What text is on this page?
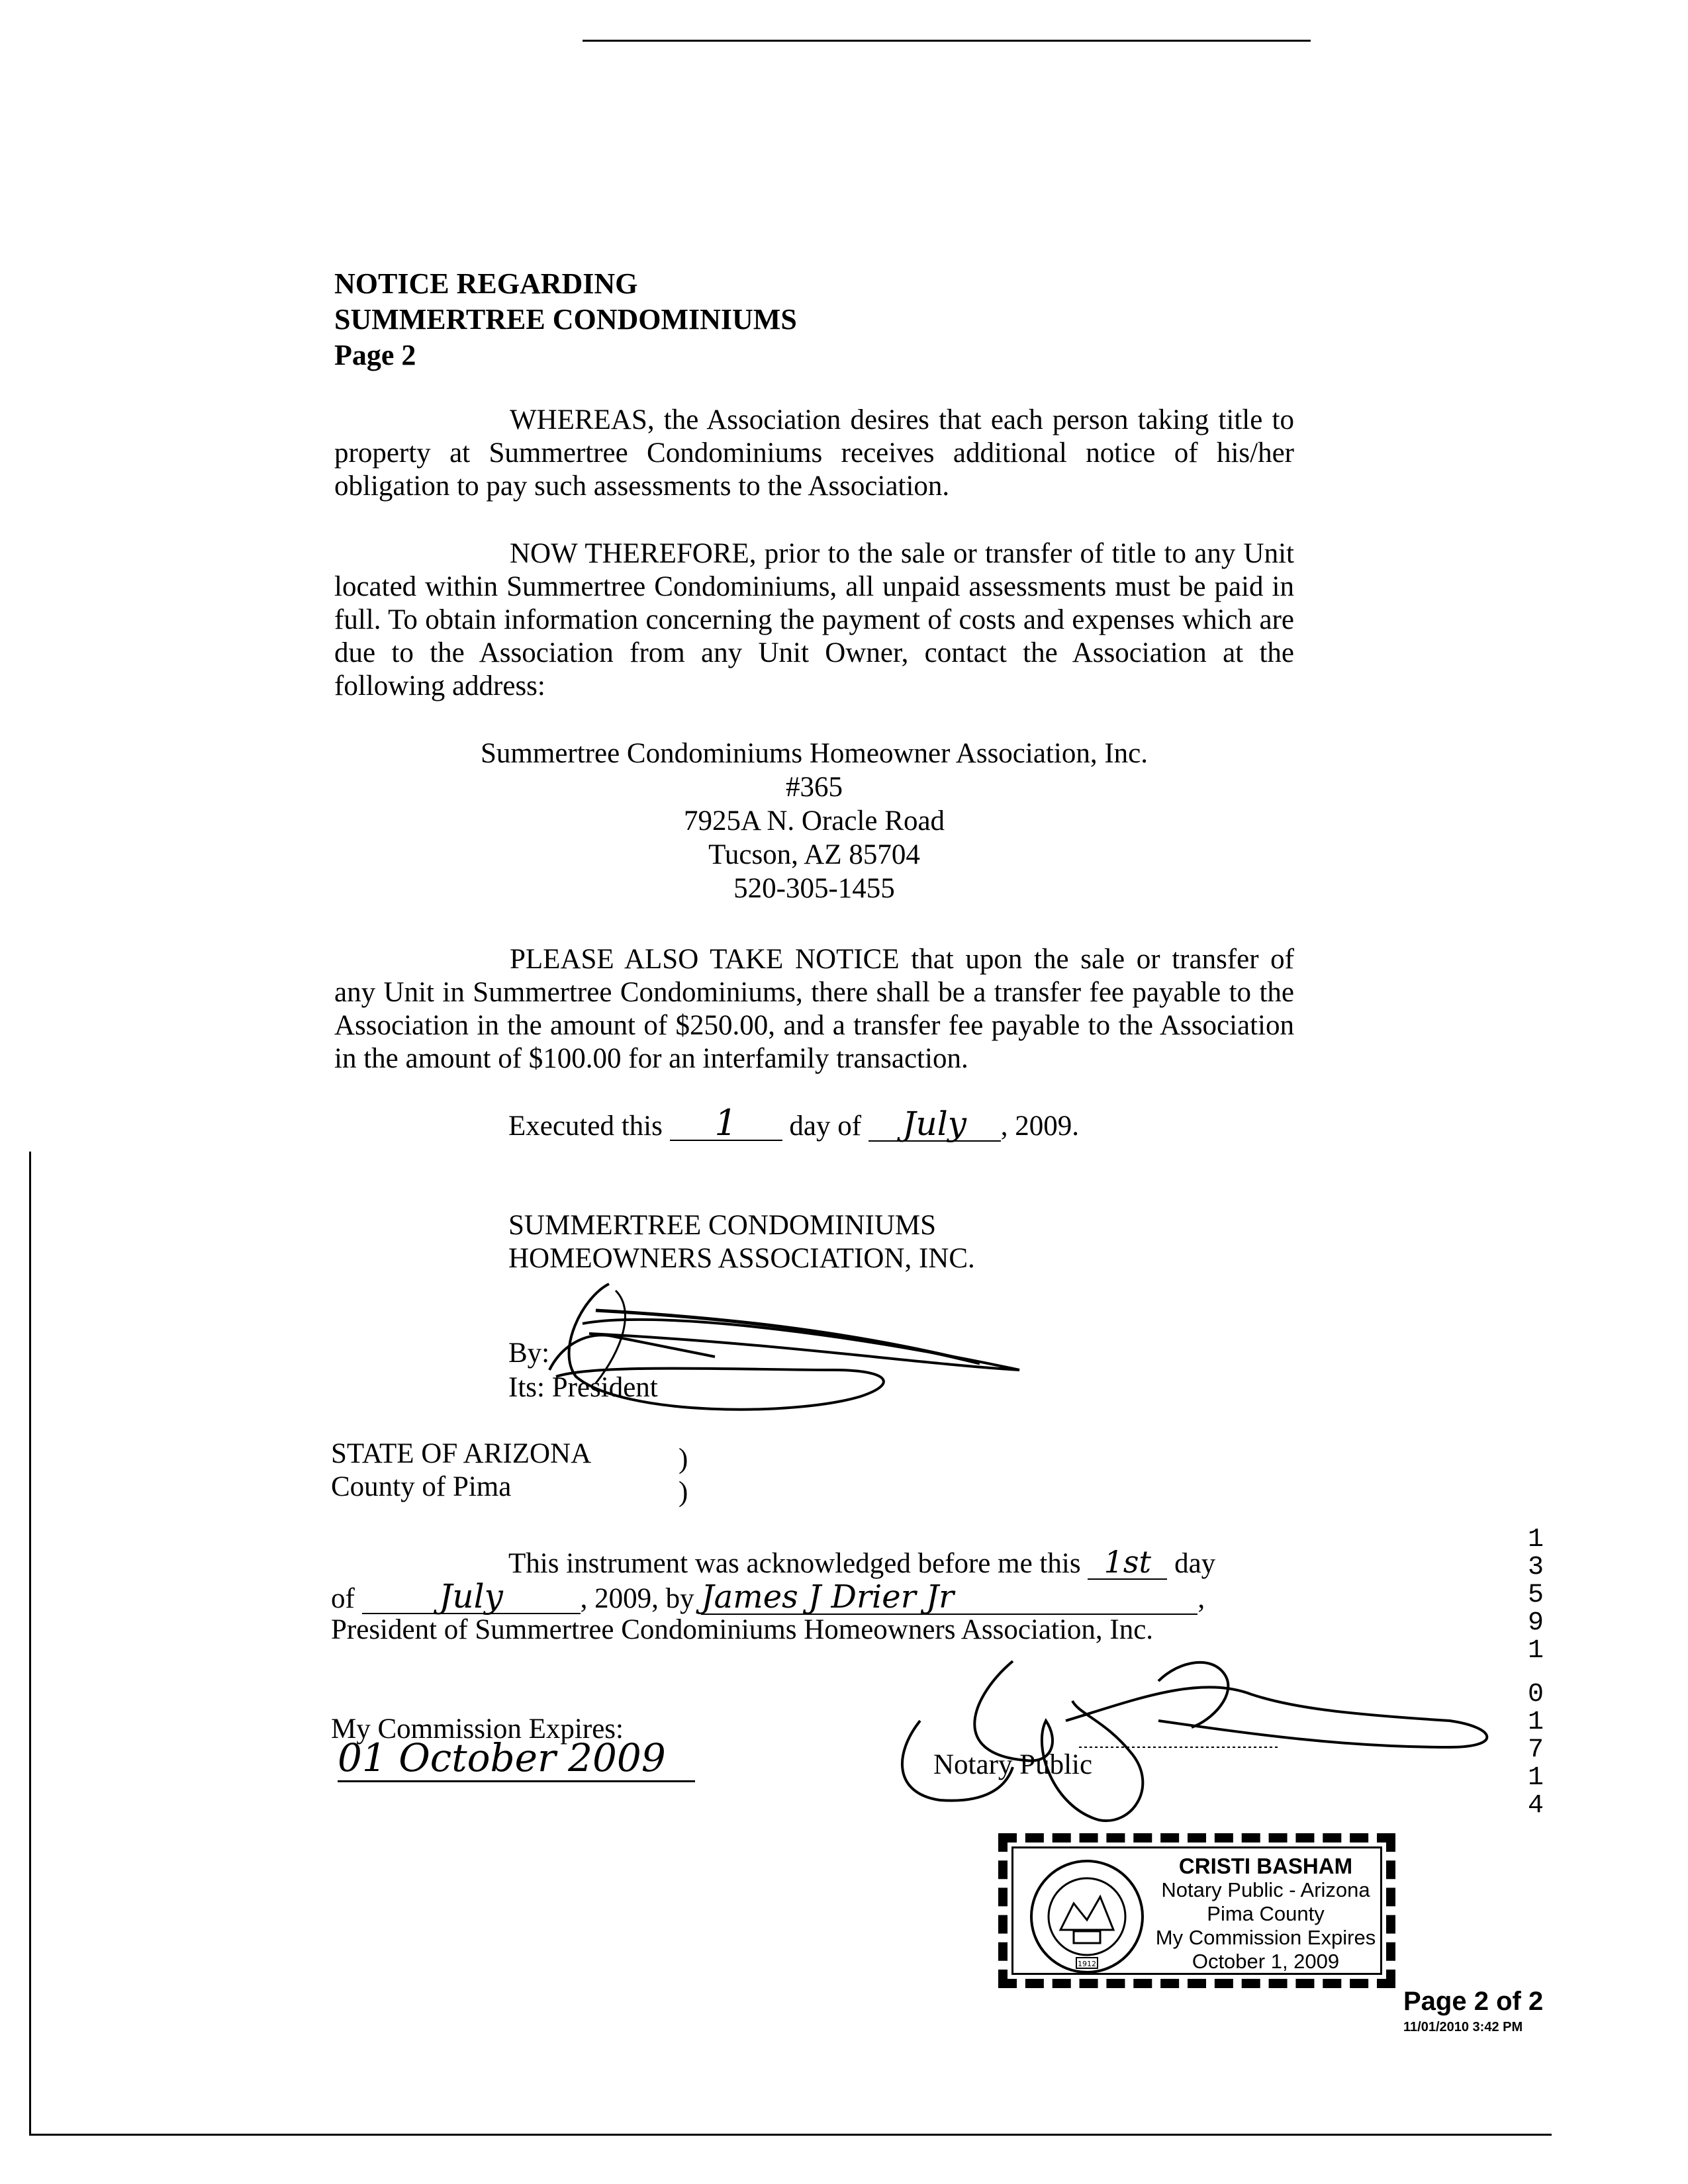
NOTICE REGARDING
SUMMERTREE CONDOMINIUMS
Page 2
WHEREAS, the Association desires that each person taking title to property at Summertree Condominiums receives additional notice of his/her obligation to pay such assessments to the Association.
NOW THEREFORE, prior to the sale or transfer of title to any Unit located within Summertree Condominiums, all unpaid assessments must be paid in full. To obtain information concerning the payment of costs and expenses which are due to the Association from any Unit Owner, contact the Association at the following address:
Summertree Condominiums Homeowner Association, Inc.
#365
7925A N. Oracle Road
Tucson, AZ 85704
520-305-1455
PLEASE ALSO TAKE NOTICE that upon the sale or transfer of any Unit in Summertree Condominiums, there shall be a transfer fee payable to the Association in the amount of $250.00, and a transfer fee payable to the Association in the amount of $100.00 for an interfamily transaction.
Executed this 1 day of July , 2009.
SUMMERTREE CONDOMINIUMS
HOMEOWNERS ASSOCIATION, INC.
By:
Its: President
STATE OF ARIZONA
County of Pima
)
)
This instrument was acknowledged before me this 1st day
of	July	, 2009, by James J Drier Jr	,
President of Summertree Condominiums Homeowners Association, Inc.
My Commission Expires:
01 October 2009	Notary Public
1912
CRISTI BASHAM
Notary Public - Arizona
Pima County
My Commission Expires
October 1, 2009
1
3
5
9
1
0
1
7
1
4
Page 2 of 2
11/01/2010 3:42 PM
